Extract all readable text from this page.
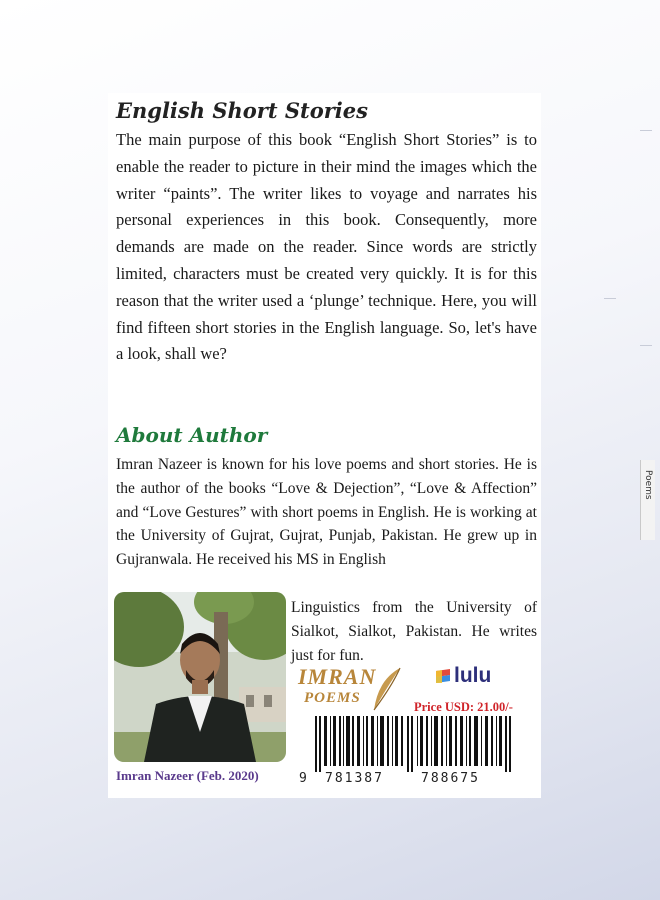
Poems
English Short Stories

The main purpose of this book “English Short Stories” is to enable the reader to picture in their mind the images which the writer “paints”. The writer likes to voyage and narrates his personal experiences in this book. Consequently, more demands are made on the reader. Since words are strictly limited, characters must be created very quickly. It is for this reason that the writer used a ‘plunge’ technique. Here, you will find fifteen short stories in the English language. So, let's have a look, shall we?

About Author

Imran Nazeer is known for his love poems and short stories. He is the author of the books “Love & Dejection”, “Love & Affection” and “Love Gestures” with short poems in English. He is working at the University of Gujrat, Gujrat, Punjab, Pakistan. He grew up in Gujranwala. He received his MS in English

Linguistics from the University of Sialkot, Sialkot, Pakistan. He writes just for fun.

Imran Nazeer (Feb. 2020)

IMRAN
POEMS
lulu

Price USD: 21.00/-

9 781387	788675
